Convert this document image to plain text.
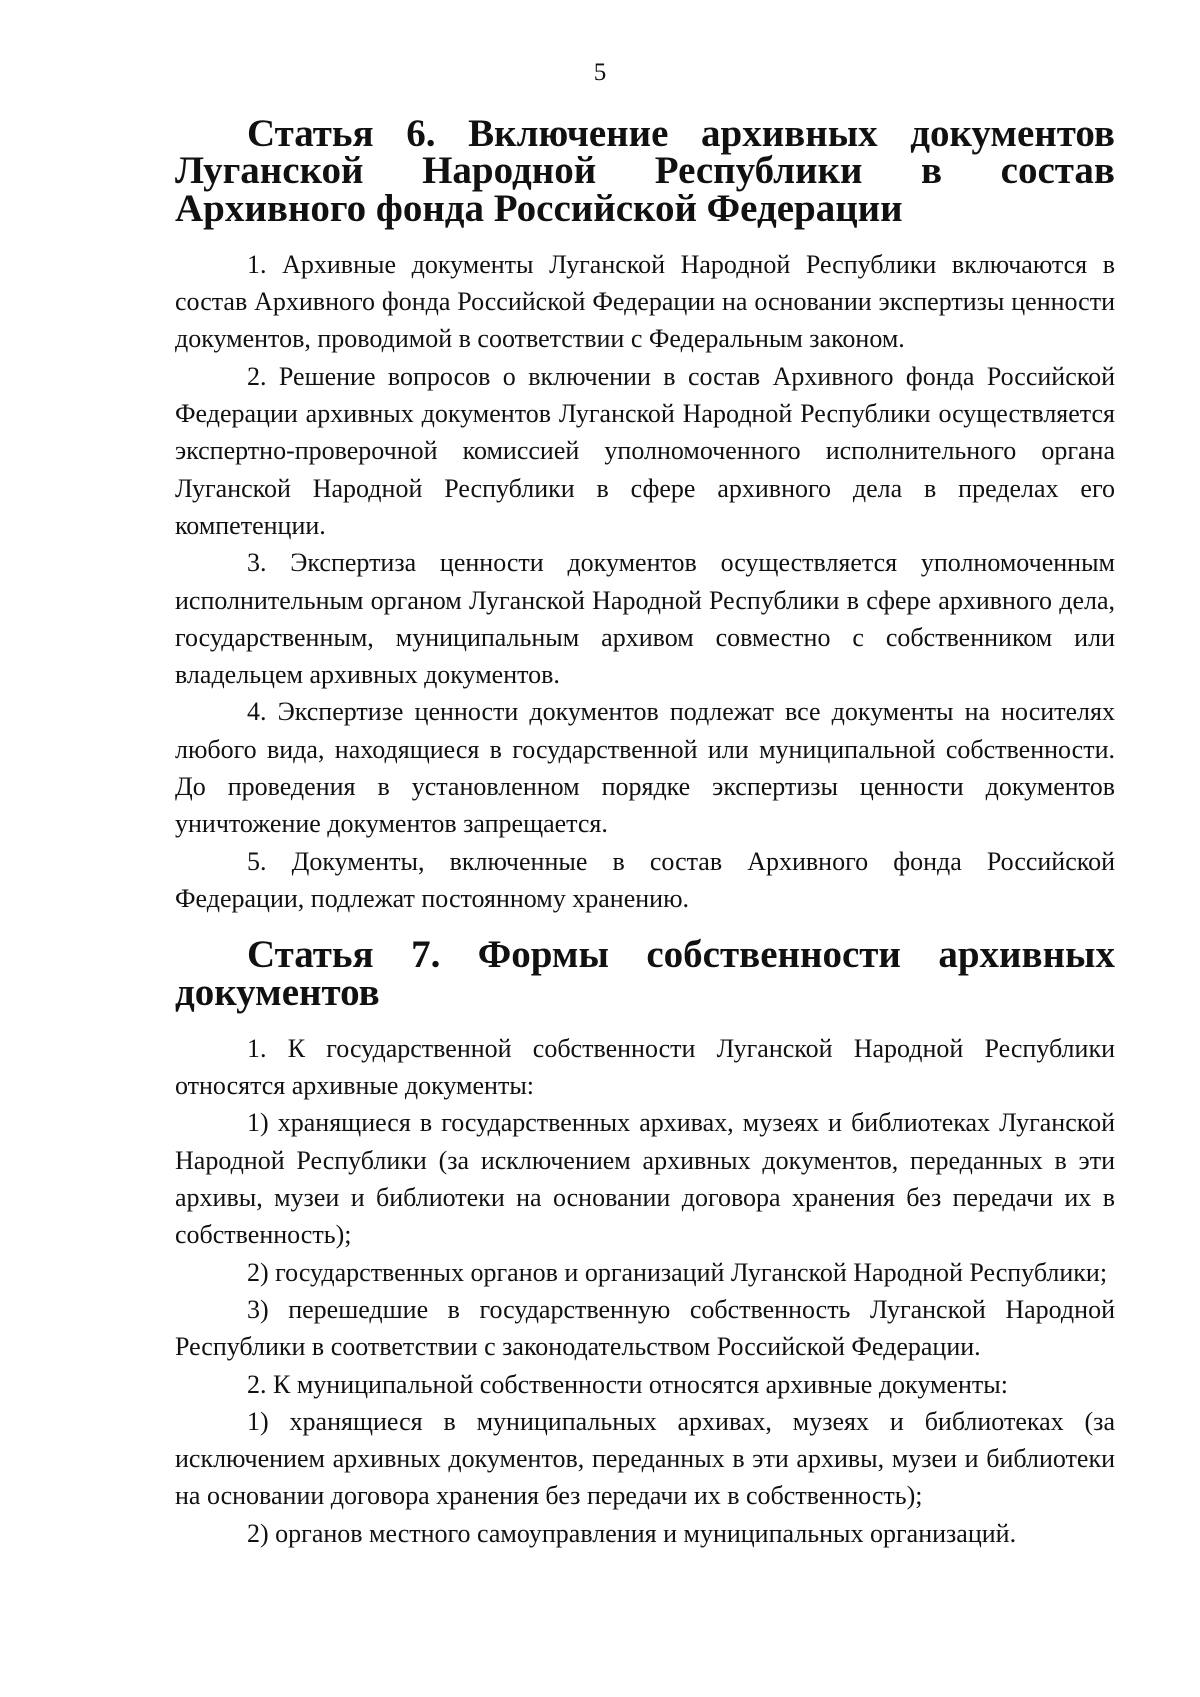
5
Статья 6. Включение архивных документов Луганской Народной Республики в состав Архивного фонда Российской Федерации

1. Архивные документы Луганской Народной Республики включаются в состав Архивного фонда Российской Федерации на основании экспертизы ценности документов, проводимой в соответствии с Федеральным законом.

2. Решение вопросов о включении в состав Архивного фонда Российской Федерации архивных документов Луганской Народной Республики осуществляется экспертно-проверочной комиссией уполномоченного исполнительного органа Луганской Народной Республики в сфере архивного дела в пределах его компетенции.

3. Экспертиза ценности документов осуществляется уполномоченным исполнительным органом Луганской Народной Республики в сфере архивного дела, государственным, муниципальным архивом совместно с собственником или владельцем архивных документов.

4. Экспертизе ценности документов подлежат все документы на носителях любого вида, находящиеся в государственной или муниципальной собственности. До проведения в установленном порядке экспертизы ценности документов уничтожение документов запрещается.

5. Документы, включенные в состав Архивного фонда Российской Федерации, подлежат постоянному хранению.

Статья 7. Формы собственности архивных документов

1. К государственной собственности Луганской Народной Республики относятся архивные документы:

1) хранящиеся в государственных архивах, музеях и библиотеках Луганской Народной Республики (за исключением архивных документов, переданных в эти архивы, музеи и библиотеки на основании договора хранения без передачи их в собственность);

2) государственных органов и организаций Луганской Народной Республики;

3) перешедшие в государственную собственность Луганской Народной Республики в соответствии с законодательством Российской Федерации.

2. К муниципальной собственности относятся архивные документы:

1) хранящиеся в муниципальных архивах, музеях и библиотеках (за исключением архивных документов, переданных в эти архивы, музеи и библиотеки на основании договора хранения без передачи их в собственность);

2) органов местного самоуправления и муниципальных организаций.
